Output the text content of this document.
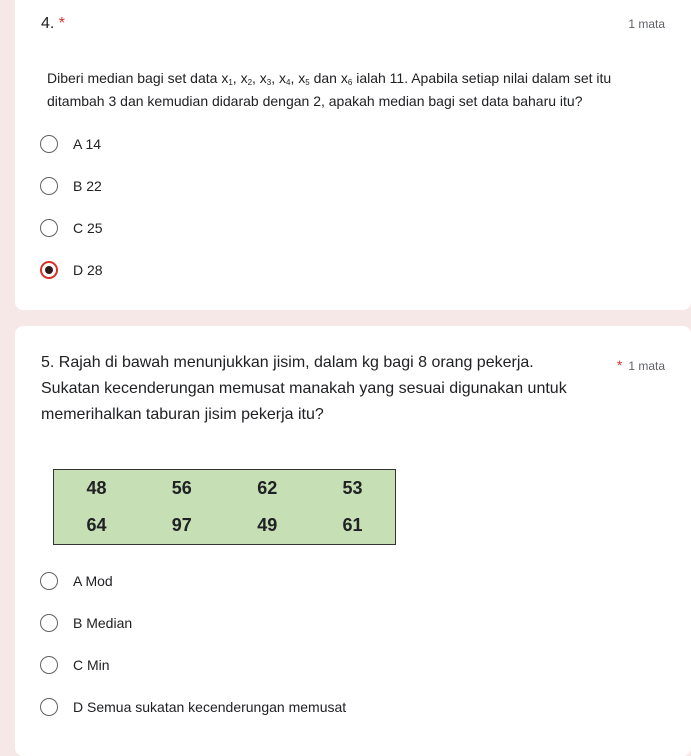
4. *	1 mata
Diberi median bagi set data $x_1$, $x_2$, $x_3$, $x_4$, $x_5$ dan $x_6$ ialah 11. Apabila setiap nilai dalam set itu
ditambah 3 dan kemudian didarab dengan 2, apakah median bagi set data baharu itu?
A 14
B 22
C 25
D 28
5. Rajah di bawah menunjukkan jisim, dalam kg bagi 8 orang pekerja.	* 1 mata
Sukatan kecenderungan memusat manakah yang sesuai digunakan untuk
memerihalkan taburan jisim pekerja itu?
48	56	62	53
64	97	49	61
A Mod
B Median
C Min
D Semua sukatan kecenderungan memusat
